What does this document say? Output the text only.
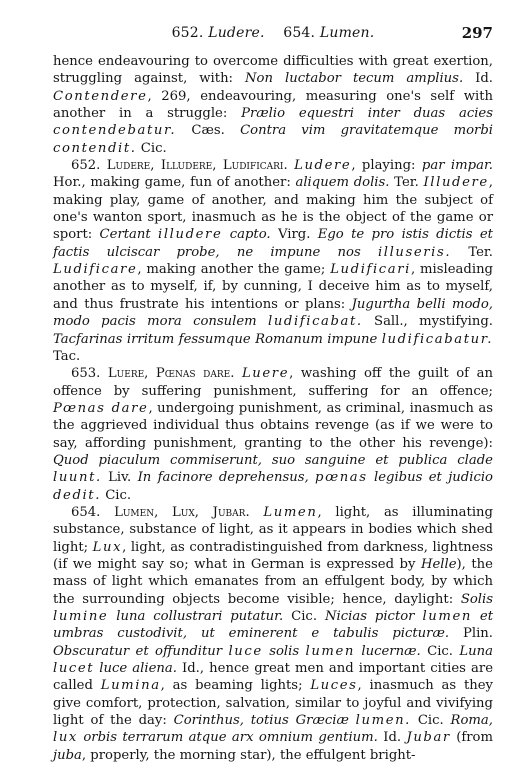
652. Ludere. 654. Lumen.	297

hence endeavouring to overcome difficulties with great exertion, struggling against, with: Non luctabor tecum amplius. Id. Contendere, 269, endeavouring, measuring one's self with another in a struggle: Prælio equestri inter duas acies contendebatur. Cæs. Contra vim gravitatemque morbi contendit. Cic.

652. Ludere, Illudere, Ludificari. Ludere, playing: par impar. Hor., making game, fun of another: aliquem dolis. Ter. Illudere, making play, game of another, and making him the subject of one's wanton sport, inasmuch as he is the object of the game or sport: Certant illudere capto. Virg. Ego te pro istis dictis et factis ulciscar probe, ne impune nos illuseris. Ter. Ludificare, making another the game; Ludificari, misleading another as to myself, if, by cunning, I deceive him as to myself, and thus frustrate his intentions or plans: Jugurtha belli modo, modo pacis mora consulem ludificabat. Sall., mystifying. Tacfarinas irritum fessumque Romanum impune ludificabatur. Tac.

653. Luere, Pœnas dare. Luere, washing off the guilt of an offence by suffering punishment, suffering for an offence; Pœnas dare, undergoing punishment, as criminal, inasmuch as the aggrieved individual thus obtains revenge (as if we were to say, affording punishment, granting to the other his revenge): Quod piaculum commiserunt, suo sanguine et publica clade luunt. Liv. In facinore deprehensus, pœnas legibus et judicio dedit. Cic.

654. Lumen, Lux, Jubar. Lumen, light, as illuminating substance, substance of light, as it appears in bodies which shed light; Lux, light, as contradistinguished from darkness, lightness (if we might say so; what in German is expressed by Helle), the mass of light which emanates from an effulgent body, by which the surrounding objects become visible; hence, daylight: Solis lumine luna collustrari putatur. Cic. Nicias pictor lumen et umbras custodivit, ut eminerent e tabulis picturæ. Plin. Obscuratur et offunditur luce solis lumen lucernæ. Cic. Luna lucet luce aliena. Id., hence great men and important cities are called Lumina, as beaming lights; Luces, inasmuch as they give comfort, protection, salvation, similar to joyful and vivifying light of the day: Corinthus, totius Græciæ lumen. Cic. Roma, lux orbis terrarum atque arx omnium gentium. Id. Jubar (from juba, properly, the morning star), the effulgent bright-
